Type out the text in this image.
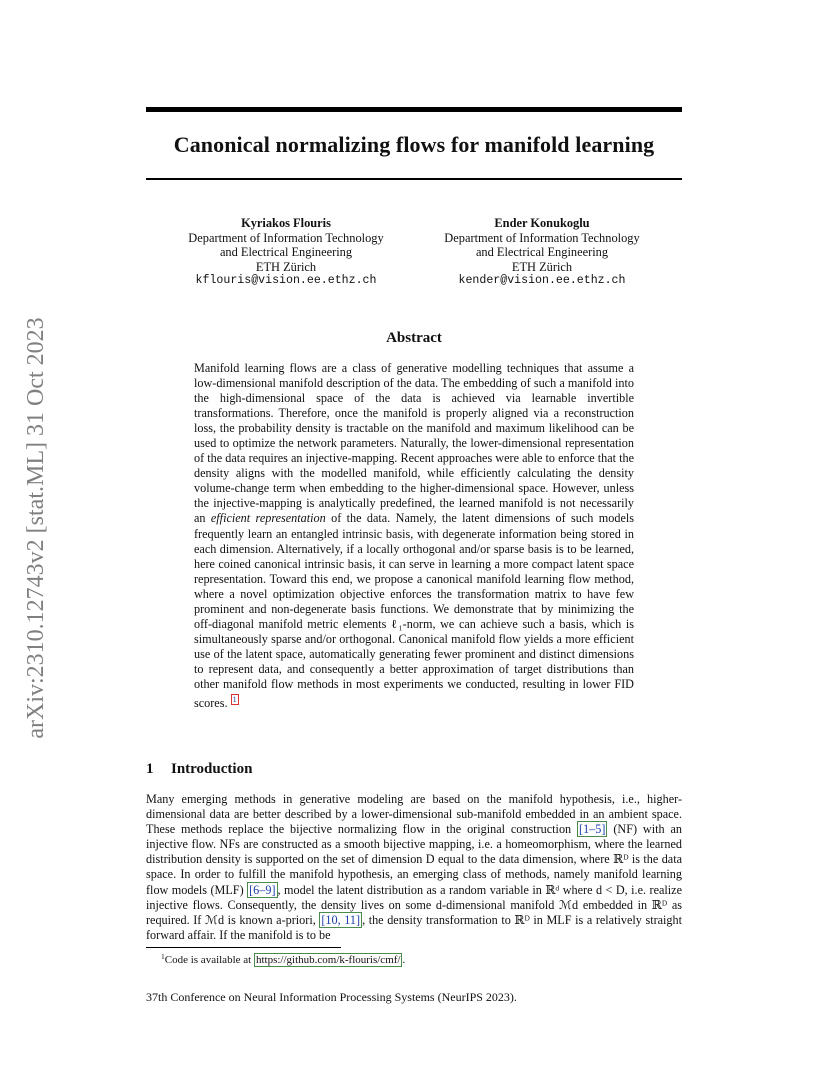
arXiv:2310.12743v2 [stat.ML] 31 Oct 2023
Canonical normalizing flows for manifold learning
Kyriakos Flouris
Department of Information Technology
and Electrical Engineering
ETH Zürich
kflouris@vision.ee.ethz.ch
Ender Konukoglu
Department of Information Technology
and Electrical Engineering
ETH Zürich
kender@vision.ee.ethz.ch
Abstract
Manifold learning flows are a class of generative modelling techniques that assume a low-dimensional manifold description of the data. The embedding of such a manifold into the high-dimensional space of the data is achieved via learnable invertible transformations. Therefore, once the manifold is properly aligned via a reconstruction loss, the probability density is tractable on the manifold and maximum likelihood can be used to optimize the network parameters. Naturally, the lower-dimensional representation of the data requires an injective-mapping. Recent approaches were able to enforce that the density aligns with the modelled manifold, while efficiently calculating the density volume-change term when embedding to the higher-dimensional space. However, unless the injective-mapping is analytically predefined, the learned manifold is not necessarily an efficient representation of the data. Namely, the latent dimensions of such models frequently learn an entangled intrinsic basis, with degenerate information being stored in each dimension. Alternatively, if a locally orthogonal and/or sparse basis is to be learned, here coined canonical intrinsic basis, it can serve in learning a more compact latent space representation. Toward this end, we propose a canonical manifold learning flow method, where a novel optimization objective enforces the transformation matrix to have few prominent and non-degenerate basis functions. We demonstrate that by minimizing the off-diagonal manifold metric elements ℓ₁-norm, we can achieve such a basis, which is simultaneously sparse and/or orthogonal. Canonical manifold flow yields a more efficient use of the latent space, automatically generating fewer prominent and distinct dimensions to represent data, and consequently a better approximation of target distributions than other manifold flow methods in most experiments we conducted, resulting in lower FID scores. $^1$
1 Introduction
Many emerging methods in generative modeling are based on the manifold hypothesis, i.e., higher-dimensional data are better described by a lower-dimensional sub-manifold embedded in an ambient space. These methods replace the bijective normalizing flow in the original construction [1–5] (NF) with an injective flow. NFs are constructed as a smooth bijective mapping, i.e. a homeomorphism, where the learned distribution density is supported on the set of dimension D equal to the data dimension, where ℝᴰ is the data space. In order to fulfill the manifold hypothesis, an emerging class of methods, namely manifold learning flow models (MLF) [6–9] , model the latent distribution as a random variable in ℝᵈ where d < D, i.e. realize injective flows. Consequently, the density lives on some d-dimensional manifold ℳd embedded in ℝᴰ as required. If ℳd is known a-priori, [10, 11] , the density transformation to ℝᴰ in MLF is a relatively straight forward affair. If the manifold is to be
$^1$Code is available at https://github.com/k-flouris/cmf/ .
37th Conference on Neural Information Processing Systems (NeurIPS 2023).
